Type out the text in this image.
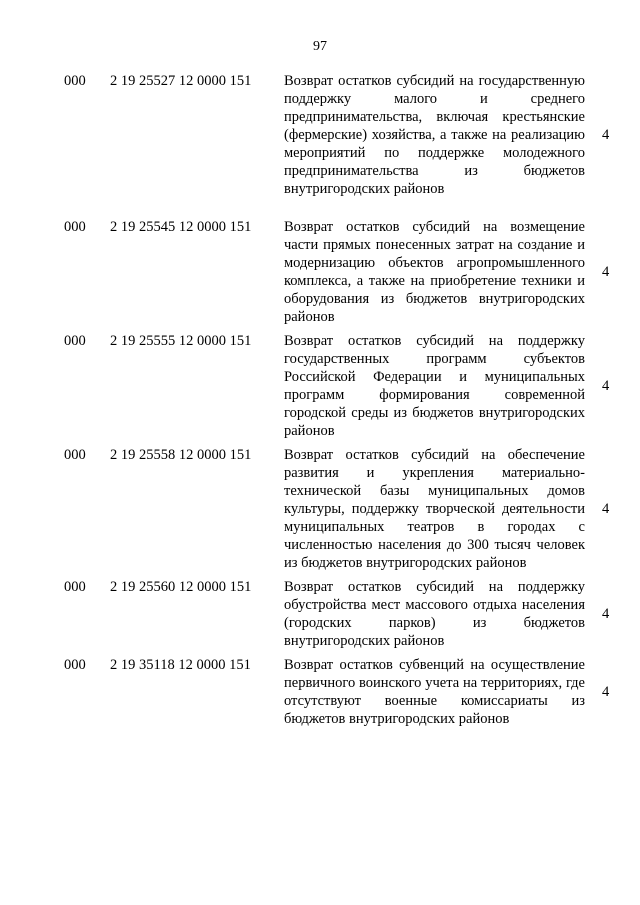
97
000 2 19 25527 12 0000 151 Возврат остатков субсидий на государственную поддержку малого и среднего предпринимательства, включая крестьянские (фермерские) хозяйства, а также на реализацию мероприятий по поддержке молодежного предпринимательства из бюджетов внутригородских районов
4
000 2 19 25545 12 0000 151 Возврат остатков субсидий на возмещение части прямых понесенных затрат на создание и модернизацию объектов агропромышленного комплекса, а также на приобретение техники и оборудования из бюджетов внутригородских районов
4
000 2 19 25555 12 0000 151 Возврат остатков субсидий на поддержку государственных программ субъектов Российской Федерации и муниципальных программ формирования современной городской среды из бюджетов внутригородских районов
4
000 2 19 25558 12 0000 151 Возврат остатков субсидий на обеспечение развития и укрепления материально-технической базы муниципальных домов культуры, поддержку творческой деятельности муниципальных театров в городах с численностью населения до 300 тысяч человек из бюджетов внутригородских районов
4
000 2 19 25560 12 0000 151 Возврат остатков субсидий на поддержку обустройства мест массового отдыха населения (городских парков) из бюджетов внутригородских районов
4
000 2 19 35118 12 0000 151 Возврат остатков субвенций на осуществление первичного воинского учета на территориях, где отсутствуют военные комиссариаты из бюджетов внутригородских районов
4
